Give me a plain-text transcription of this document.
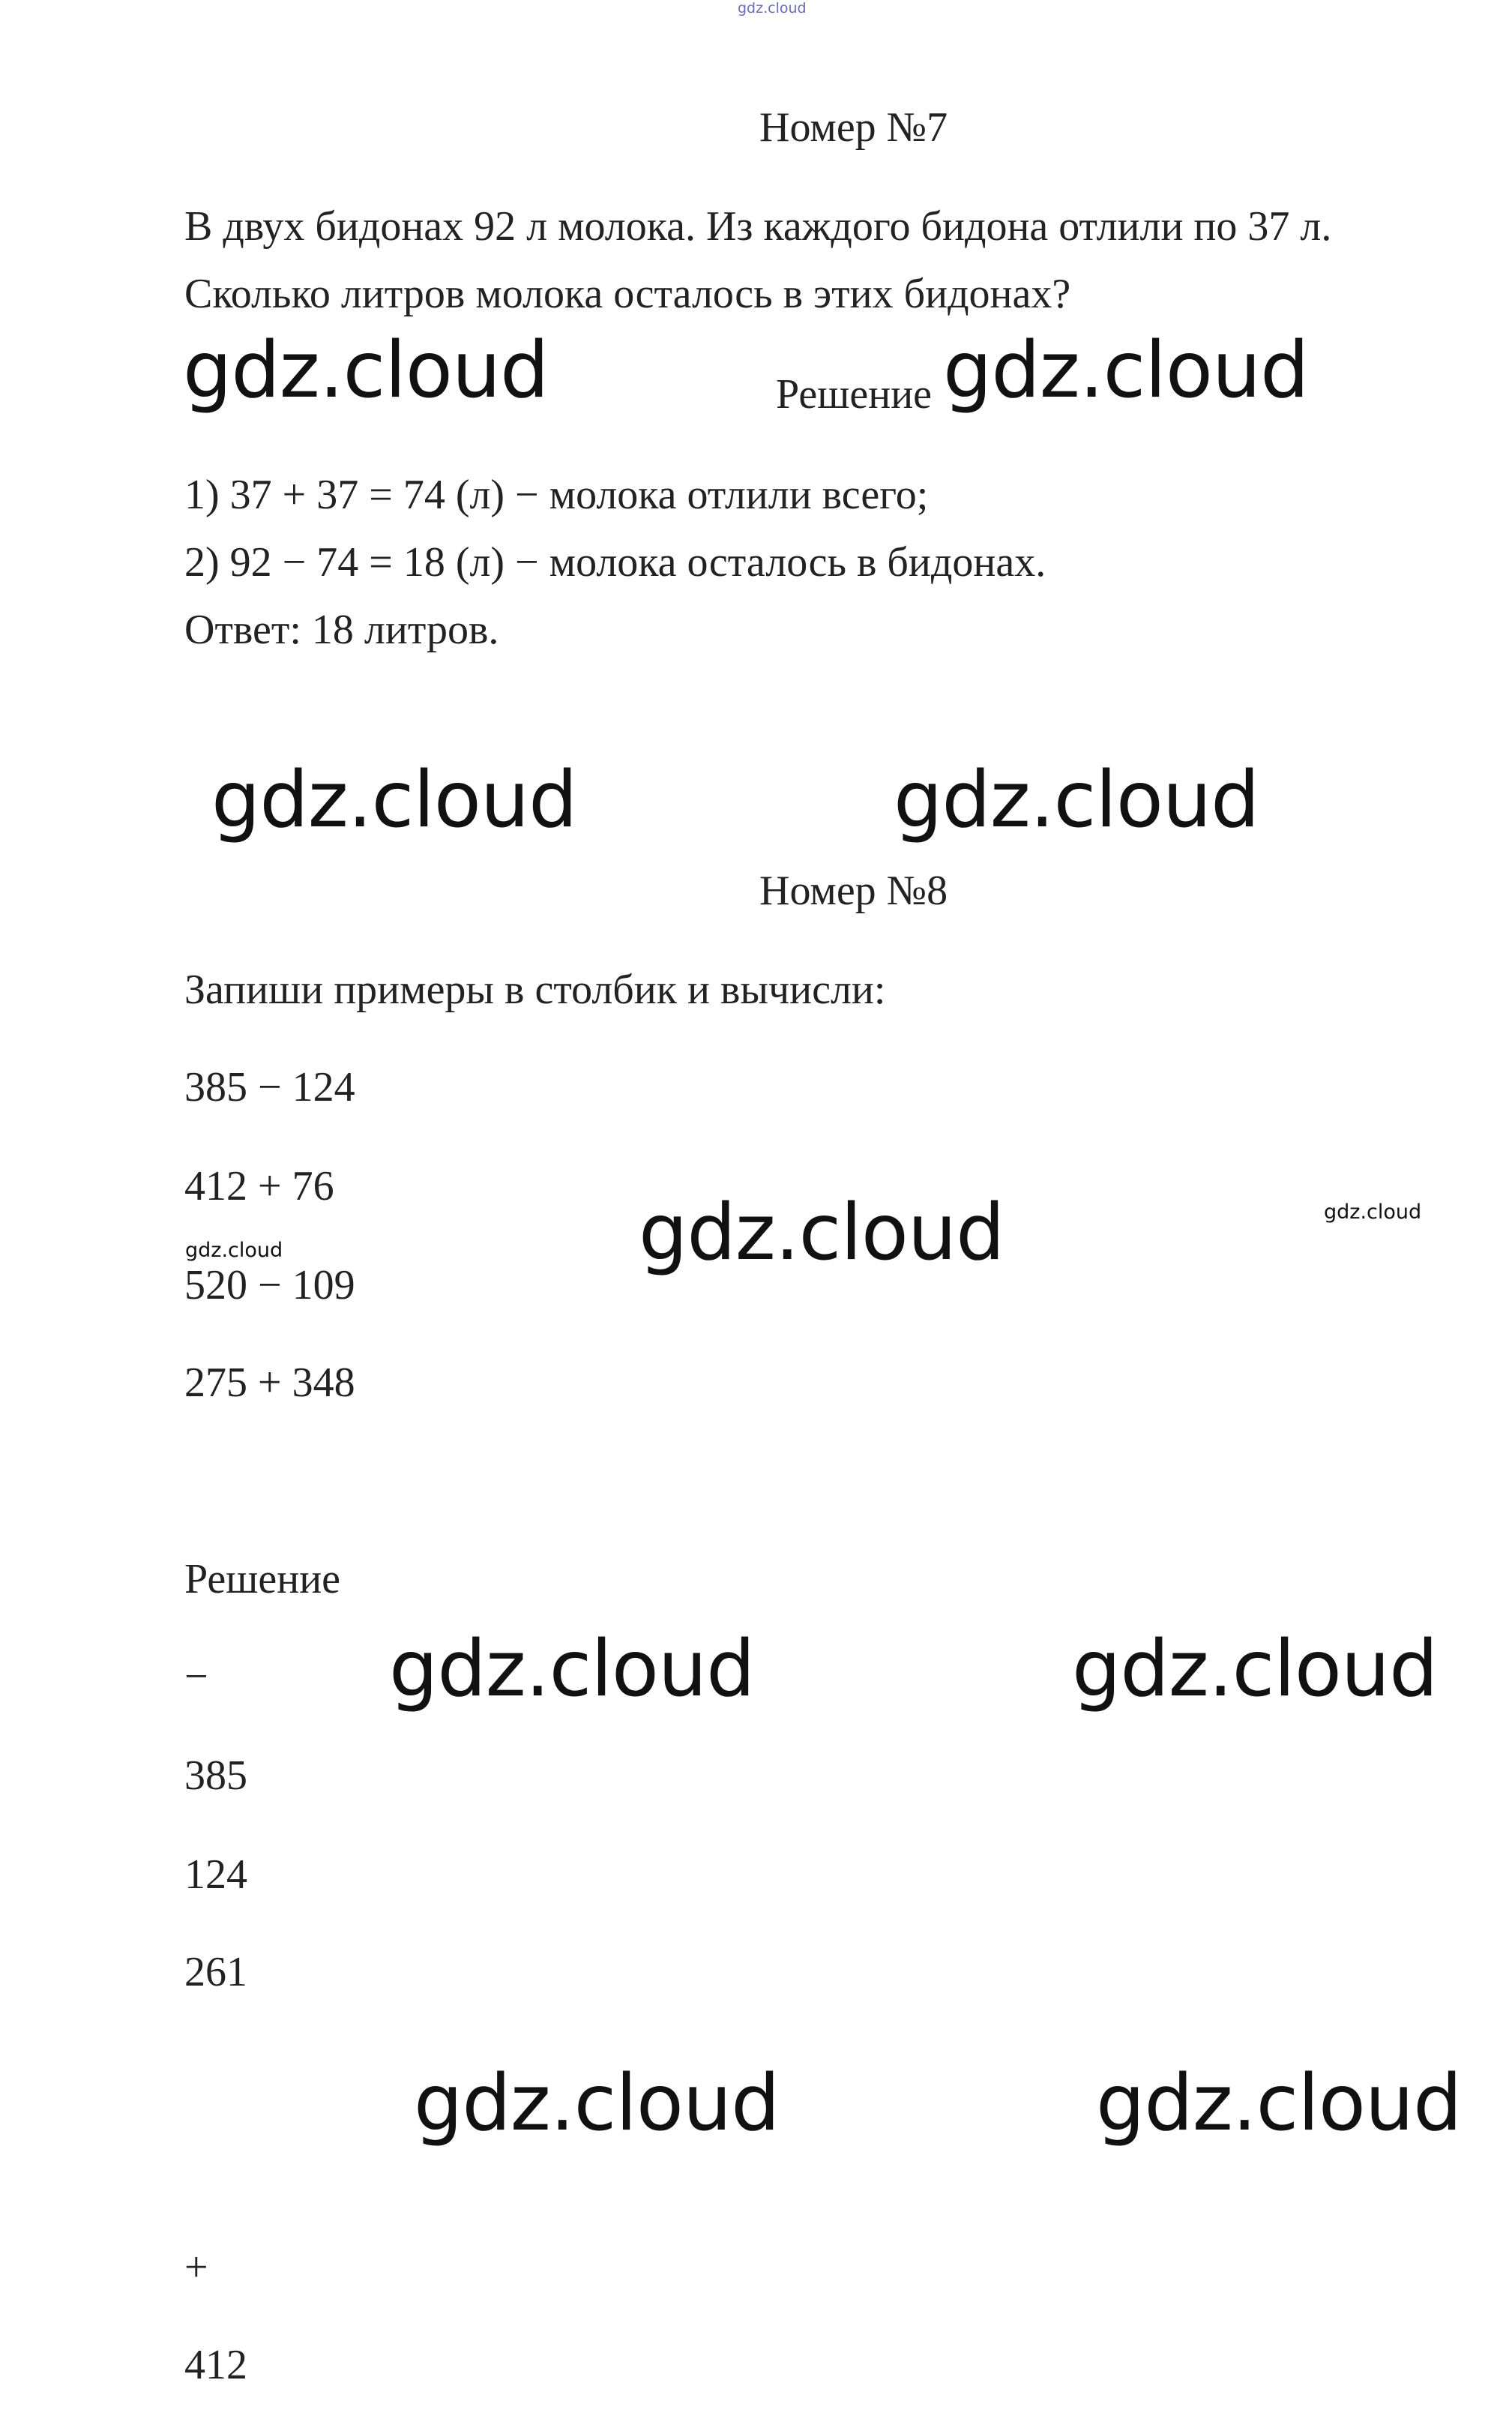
gdz.cloud
Номер №7
В двух бидонах 92 л молока. Из каждого бидона отлили по 37 л.
Сколько литров молока осталось в этих бидонах?
gdz.cloud	Решение gdz.cloud
1) 37 + 37 = 74 (л) − молока отлили всего;
2) 92 − 74 = 18 (л) − молока осталось в бидонах.
Ответ: 18 литров.
gdz.cloud	gdz.cloud
Номер №8
Запиши примеры в столбик и вычисли:
385 − 124
412 + 76
gdz.cloud
gdz.cloud
gdz.cloud
520 − 109
275 + 348
Решение
− gdz.cloud	gdz.cloud
385
124
261
gdz.cloud	gdz.cloud
+
412
